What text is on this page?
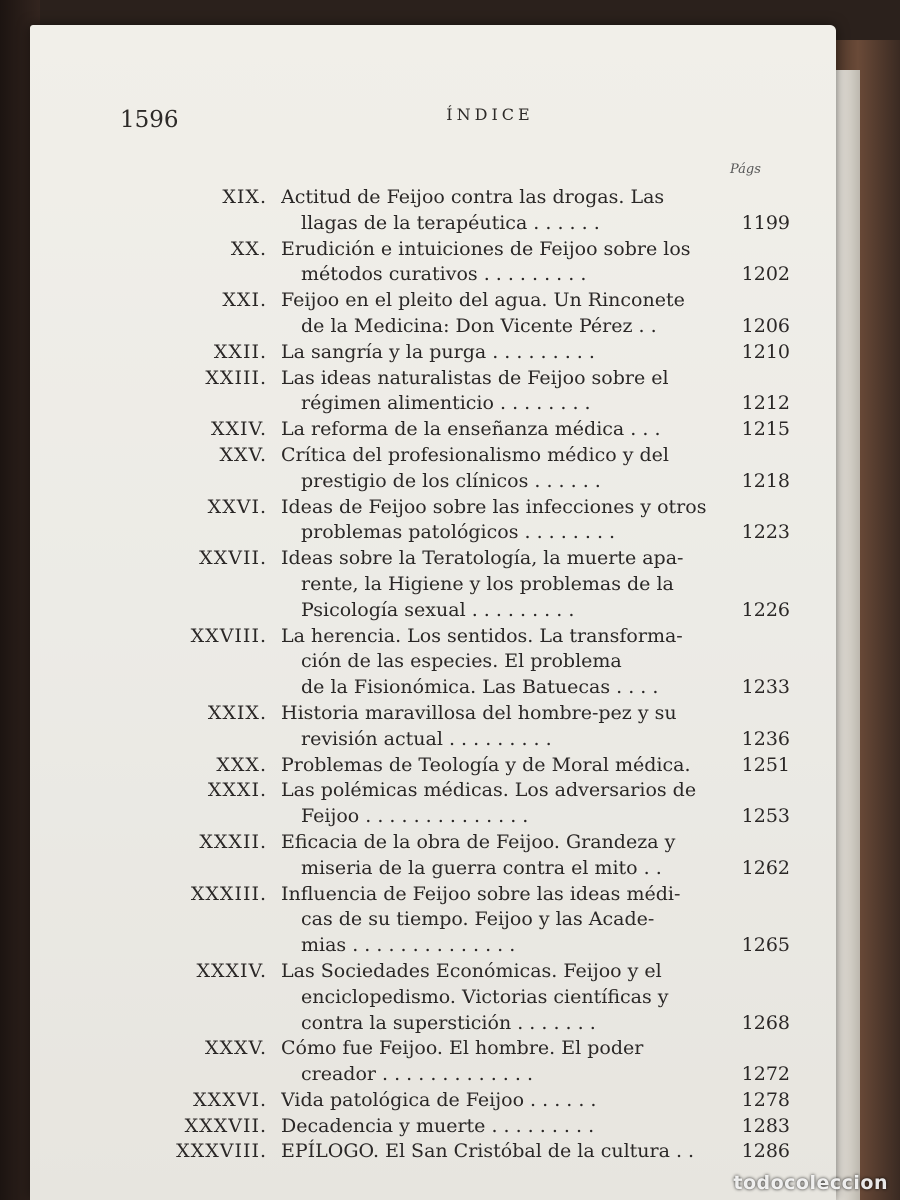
1596	ÍNDICE
Págs
XIX. Actitud de Feijoo contra las drogas. Las
llagas de la terapéutica . . . . . .	1199
XX. Erudición e intuiciones de Feijoo sobre los
métodos curativos . . . . . . . . .	1202
XXI. Feijoo en el pleito del agua. Un Rinconete
de la Medicina: Don Vicente Pérez . .	1206
XXII. La sangría y la purga . . . . . . . . .	1210
XXIII. Las ideas naturalistas de Feijoo sobre el
régimen alimenticio . . . . . . . .	1212
XXIV. La reforma de la enseñanza médica . . .	1215
XXV. Crítica del profesionalismo médico y del
prestigio de los clínicos . . . . . .	1218
XXVI. Ideas de Feijoo sobre las infecciones y otros
problemas patológicos . . . . . . . .	1223
XXVII. Ideas sobre la Teratología, la muerte apa-
rente, la Higiene y los problemas de la
Psicología sexual . . . . . . . . .	1226
XXVIII. La herencia. Los sentidos. La transforma-
ción de las especies. El problema
de la Fisionómica. Las Batuecas . . . .	1233
XXIX. Historia maravillosa del hombre-pez y su
revisión actual . . . . . . . . .	1236
XXX. Problemas de Teología y de Moral médica.	1251
XXXI. Las polémicas médicas. Los adversarios de
Feijoo . . . . . . . . . . . . . .	1253
XXXII. Eficacia de la obra de Feijoo. Grandeza y
miseria de la guerra contra el mito . .	1262
XXXIII. Influencia de Feijoo sobre las ideas médi-
cas de su tiempo. Feijoo y las Acade-
mias . . . . . . . . . . . . . .	1265
XXXIV. Las Sociedades Económicas. Feijoo y el
enciclopedismo. Victorias científicas y
contra la superstición . . . . . . .	1268
XXXV. Cómo fue Feijoo. El hombre. El poder
creador . . . . . . . . . . . . .	1272
XXXVI. Vida patológica de Feijoo . . . . . .	1278
XXXVII. Decadencia y muerte . . . . . . . . .	1283
XXXVIII. EPÍLOGO. El San Cristóbal de la cultura . .	1286
todocoleccion
